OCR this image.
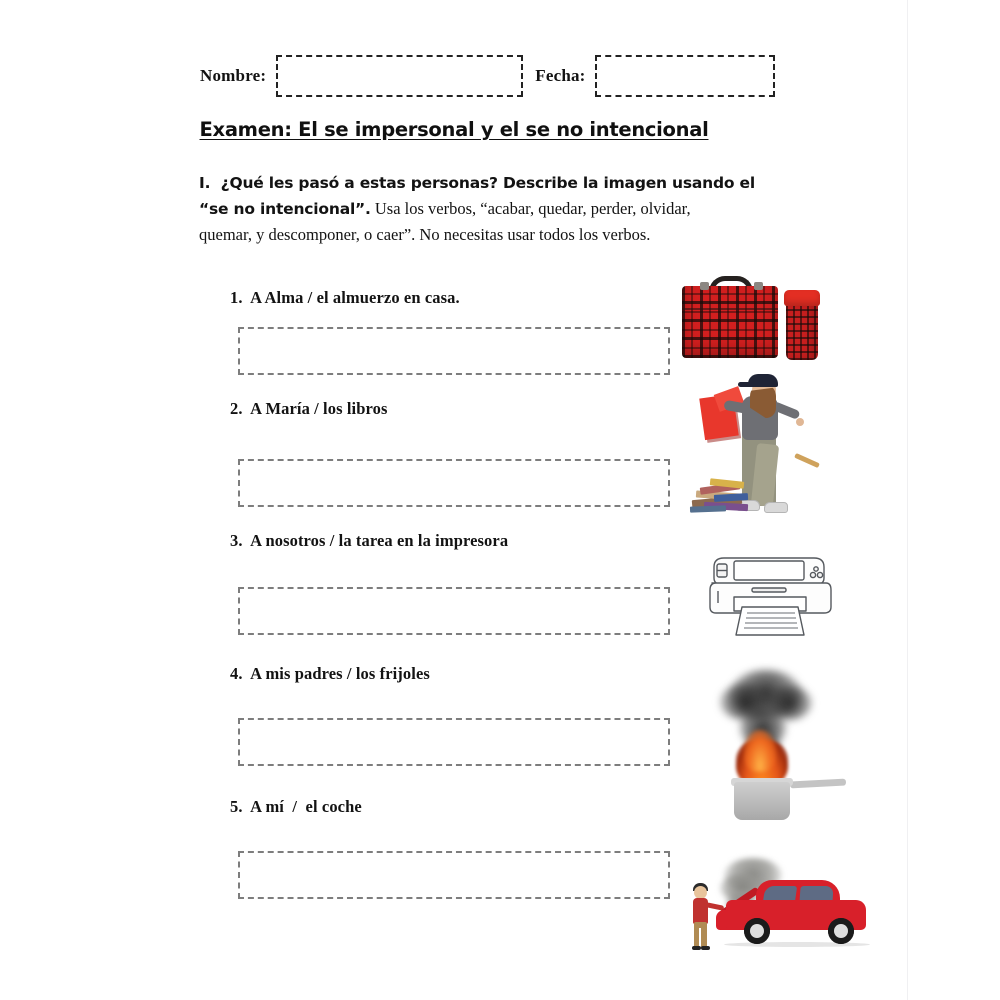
Nombre:	Fecha:
Examen: El se impersonal y el se no intencional
I. ¿Qué les pasó a estas personas? Describe la imagen usando el
“se no intencional”. Usa los verbos, “acabar, quedar, perder, olvidar,
quemar, y descomponer, o caer”. No necesitas usar todos los verbos.
1.  A Alma / el almuerzo en casa.
2.  A María / los libros
3.  A nosotros / la tarea en la impresora
4.  A mis padres / los frijoles
5.  A mí  /  el coche
